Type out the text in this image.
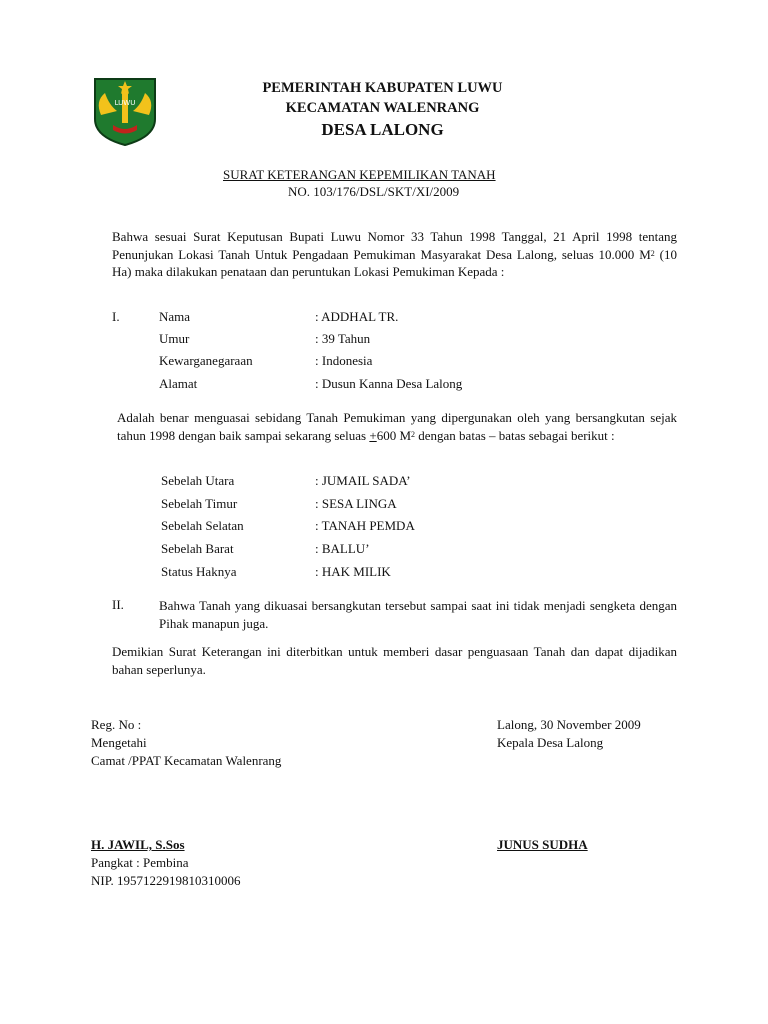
LUWU
PEMERINTAH KABUPATEN LUWU
KECAMATAN WALENRANG
DESA LALONG
SURAT KETERANGAN KEPEMILIKAN TANAH
NO. 103/176/DSL/SKT/XI/2009
Bahwa sesuai Surat Keputusan Bupati Luwu Nomor 33 Tahun 1998 Tanggal, 21 April 1998 tentang Penunjukan Lokasi Tanah Untuk Pengadaan Pemukiman Masyarakat Desa Lalong, seluas 10.000 $M^2$ (10 Ha) maka dilakukan penataan dan peruntukan Lokasi Pemukiman Kepada :
I.	Nama	: ADDHAL TR.
Umur	: 39 Tahun
Kewarganegaraan	: Indonesia
Alamat	: Dusun Kanna Desa Lalong
Adalah benar menguasai sebidang Tanah Pemukiman yang dipergunakan oleh yang bersangkutan sejak tahun 1998 dengan baik sampai sekarang seluas +600 $M^2$ dengan batas – batas sebagai berikut :
Sebelah Utara	: JUMAIL SADA’
Sebelah Timur	: SESA LINGA
Sebelah Selatan	: TANAH PEMDA
Sebelah Barat	: BALLU’
Status Haknya	: HAK MILIK
II.	Bahwa Tanah yang dikuasai bersangkutan tersebut sampai saat ini tidak menjadi sengketa dengan Pihak manapun juga.
Demikian Surat Keterangan ini diterbitkan untuk memberi dasar penguasaan Tanah dan dapat dijadikan bahan seperlunya.
Reg. No :
Mengetahi
Camat /PPAT Kecamatan Walenrang
Lalong, 30 November 2009
Kepala Desa Lalong
H. JAWIL, S.Sos
Pangkat : Pembina
NIP. 1957122919810310006
JUNUS SUDHA
